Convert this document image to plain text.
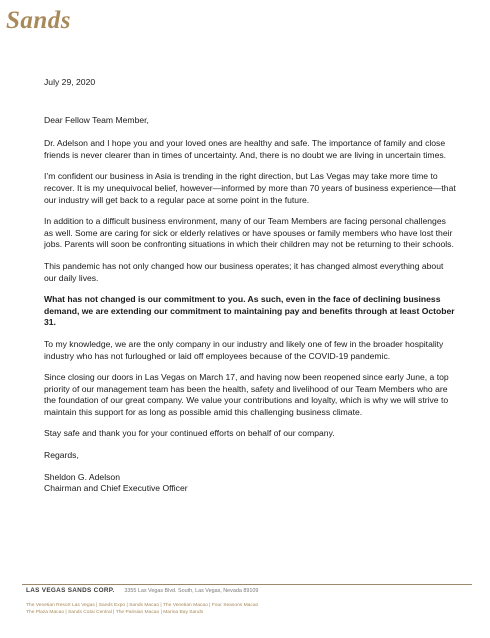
Sands

July 29, 2020

Dear Fellow Team Member,

Dr. Adelson and I hope you and your loved ones are healthy and safe. The importance of family and close friends is never clearer than in times of uncertainty. And, there is no doubt we are living in uncertain times.

I’m confident our business in Asia is trending in the right direction, but Las Vegas may take more time to recover. It is my unequivocal belief, however—informed by more than 70 years of business experience—that our industry will get back to a regular pace at some point in the future.

In addition to a difficult business environment, many of our Team Members are facing personal challenges as well. Some are caring for sick or elderly relatives or have spouses or family members who have lost their jobs. Parents will soon be confronting situations in which their children may not be returning to their schools.

This pandemic has not only changed how our business operates; it has changed almost everything about our daily lives.

What has not changed is our commitment to you. As such, even in the face of declining business demand, we are extending our commitment to maintaining pay and benefits through at least October 31.

To my knowledge, we are the only company in our industry and likely one of few in the broader hospitality industry who has not furloughed or laid off employees because of the COVID-19 pandemic.

Since closing our doors in Las Vegas on March 17, and having now been reopened since early June, a top priority of our management team has been the health, safety and livelihood of our Team Members who are the foundation of our great company. We value your contributions and loyalty, which is why we will strive to maintain this support for as long as possible amid this challenging business climate.

Stay safe and thank you for your continued efforts on behalf of our company.

Regards,

Sheldon G. Adelson

Chairman and Chief Executive Officer

LAS VEGAS SANDS CORP. 3355 Las Vegas Blvd. South, Las Vegas, Nevada 89109
The Venetian Resort Las Vegas | Sands Expo | Sands Macao | The Venetian Macao | Four Seasons Macao
The Plaza Macao | Sands Cotai Central | The Parisian Macao | Marina Bay Sands
